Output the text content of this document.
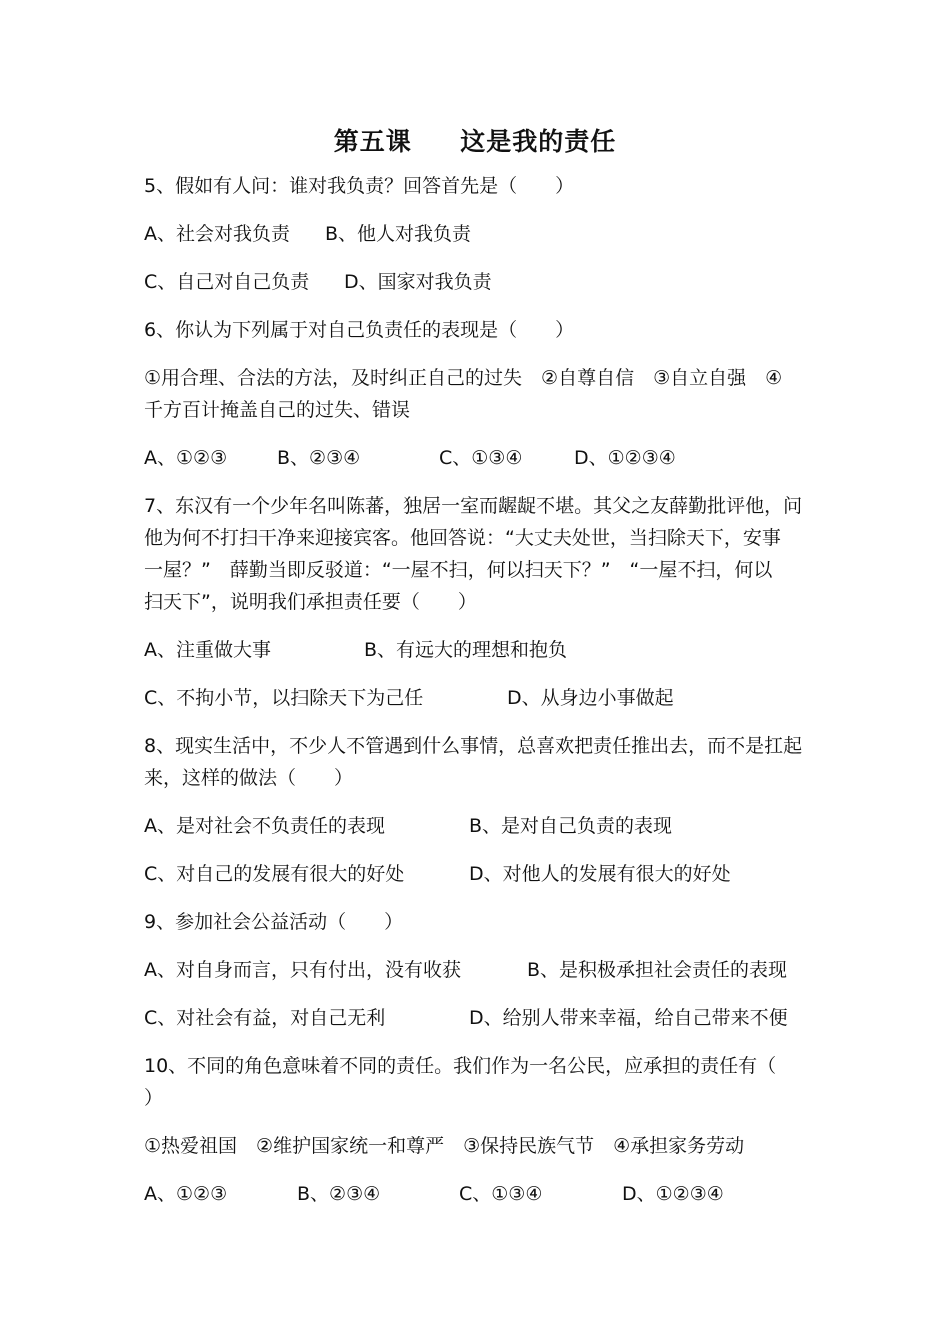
第五课     这是我的责任
5、假如有人问：谁对我负责？回答首先是（　　）
A、社会对我负责 B、他人对我负责
C、自己对自己负责 D、国家对我负责
6、你认为下列属于对自己负责任的表现是（　　）
①用合理、合法的方法，及时纠正自己的过失　②自尊自信　③自立自强　④
千方百计掩盖自己的过失、错误
A、①②③	B、②③④	C、①③④	D、①②③④
7、东汉有一个少年名叫陈蕃，独居一室而龌龊不堪。其父之友薛勤批评他，问
他为何不打扫干净来迎接宾客。他回答说：“大丈夫处世，当扫除天下，安事
一屋？”　薛勤当即反驳道：“一屋不扫，何以扫天下？”　“一屋不扫，何以
扫天下”，说明我们承担责任要（　　）
A、注重做大事	B、有远大的理想和抱负
C、不拘小节，以扫除天下为己任	D、从身边小事做起
8、现实生活中，不少人不管遇到什么事情，总喜欢把责任推出去，而不是扛起
来，这样的做法（　　）
A、是对社会不负责任的表现	B、是对自己负责的表现
C、对自己的发展有很大的好处	D、对他人的发展有很大的好处
9、参加社会公益活动（　　）
A、对自身而言，只有付出，没有收获	B、是积极承担社会责任的表现
C、对社会有益，对自己无利	D、给别人带来幸福，给自己带来不便
10、不同的角色意味着不同的责任。我们作为一名公民，应承担的责任有（
）
①热爱祖国　②维护国家统一和尊严　③保持民族气节　④承担家务劳动
A、①②③	B、②③④	C、①③④	D、①②③④
